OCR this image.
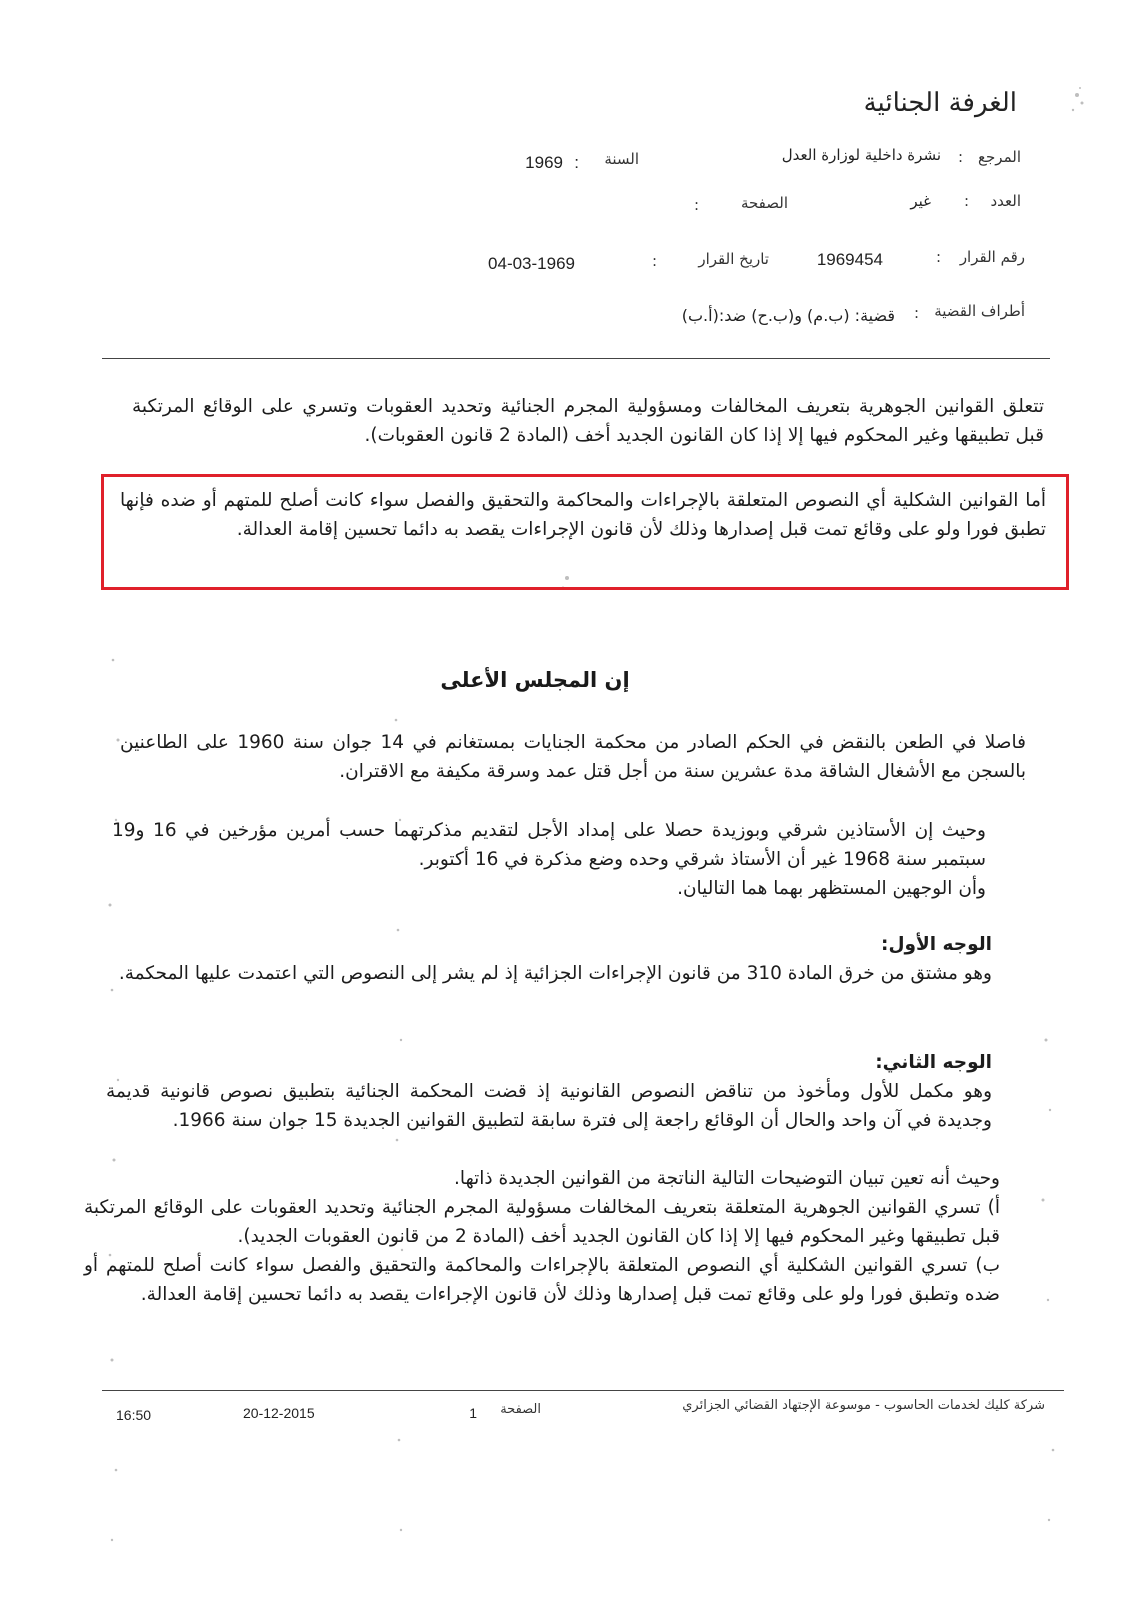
الغرفة الجنائية
المرجع
:
نشرة داخلية لوزارة العدل
السنة
:
1969
العدد
:
غير
الصفحة
:
رقم القرار
:
1969454
تاريخ القرار
:
04-03-1969
أطراف القضية
:
قضية: (ب.م) و(ب.ح) ضد:(أ.ب)

تتعلق القوانين الجوهرية بتعريف المخالفات ومسؤولية المجرم الجنائية وتحديد العقوبات وتسري على الوقائع المرتكبة قبل تطبيقها وغير المحكوم فيها إلا إذا كان القانون الجديد أخف (المادة 2 قانون العقوبات).

أما القوانين الشكلية أي النصوص المتعلقة بالإجراءات والمحاكمة والتحقيق والفصل سواء كانت أصلح للمتهم أو ضده فإنها تطبق فورا ولو على وقائع تمت قبل إصدارها وذلك لأن قانون الإجراءات يقصد به دائما تحسين إقامة العدالة.

إن المجلس الأعلى

فاصلا في الطعن بالنقض في الحكم الصادر من محكمة الجنايات بمستغانم في 14 جوان سنة 1960 على الطاعنين بالسجن مع الأشغال الشاقة مدة عشرين سنة من أجل قتل عمد وسرقة مكيفة مع الاقتران.

وحيث إن الأستاذين شرقي وبوزيدة حصلا على إمداد الأجل لتقديم مذكرتهما حسب أمرين مؤرخين في 16 و19 سبتمبر سنة 1968 غير أن الأستاذ شرقي وحده وضع مذكرة في 16 أكتوبر.

وأن الوجهين المستظهر بهما هما التاليان.

الوجه الأول:

وهو مشتق من خرق المادة 310 من قانون الإجراءات الجزائية إذ لم يشر إلى النصوص التي اعتمدت عليها المحكمة.

الوجه الثاني:

وهو مكمل للأول ومأخوذ من تناقض النصوص القانونية إذ قضت المحكمة الجنائية بتطبيق نصوص قانونية قديمة وجديدة في آن واحد والحال أن الوقائع راجعة إلى فترة سابقة لتطبيق القوانين الجديدة 15 جوان سنة 1966.

وحيث أنه تعين تبيان التوضيحات التالية الناتجة من القوانين الجديدة ذاتها.

أ) تسري القوانين الجوهرية المتعلقة بتعريف المخالفات مسؤولية المجرم الجنائية وتحديد العقوبات على الوقائع المرتكبة قبل تطبيقها وغير المحكوم فيها إلا إذا كان القانون الجديد أخف (المادة 2 من قانون العقوبات الجديد).

ب) تسري القوانين الشكلية أي النصوص المتعلقة بالإجراءات والمحاكمة والتحقيق والفصل سواء كانت أصلح للمتهم أو ضده وتطبق فورا ولو على وقائع تمت قبل إصدارها وذلك لأن قانون الإجراءات يقصد به دائما تحسين إقامة العدالة.

شركة كليك لخدمات الحاسوب - موسوعة الإجتهاد القضائي الجزائري
الصفحة
1
20-12-2015
16:50
